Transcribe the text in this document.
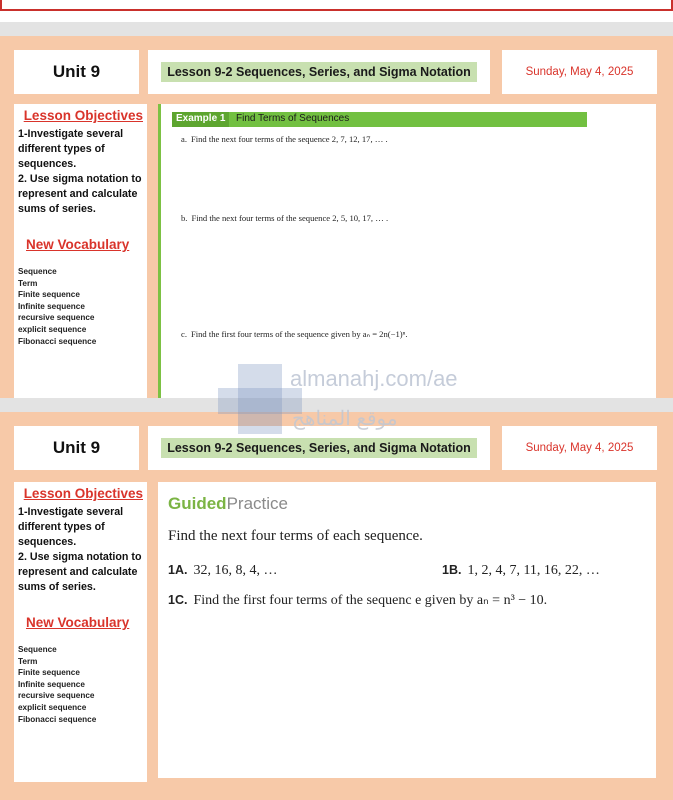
Unit 9	Lesson 9-2 Sequences, Series, and Sigma Notation	Sunday, May 4, 2025
Lesson Objectives
1-Investigate several different types of sequences.
2. Use sigma notation to represent and calculate sums of series.
New Vocabulary
Sequence
Term
Finite sequence
Infinite sequence
recursive sequence
explicit sequence
Fibonacci sequence
Example 1	Find Terms of Sequences
a. Find the next four terms of the sequence 2, 7, 12, 17, … .
b. Find the next four terms of the sequence 2, 5, 10, 17, … .
c. Find the first four terms of the sequence given by aₙ = 2n(−1)ⁿ.
Unit 9	Lesson 9-2 Sequences, Series, and Sigma Notation	Sunday, May 4, 2025
Lesson Objectives
1-Investigate several different types of sequences.
2. Use sigma notation to represent and calculate sums of series.
New Vocabulary
Sequence
Term
Finite sequence
Infinite sequence
recursive sequence
explicit sequence
Fibonacci sequence
GuidedPractice
Find the next four terms of each sequence.
1A. 32, 16, 8, 4, …	1B. 1, 2, 4, 7, 11, 16, 22, …
1C. Find the first four terms of the sequenc e given by aₙ = n³ − 10.
almanahj.com/ae
موقع المناهج
